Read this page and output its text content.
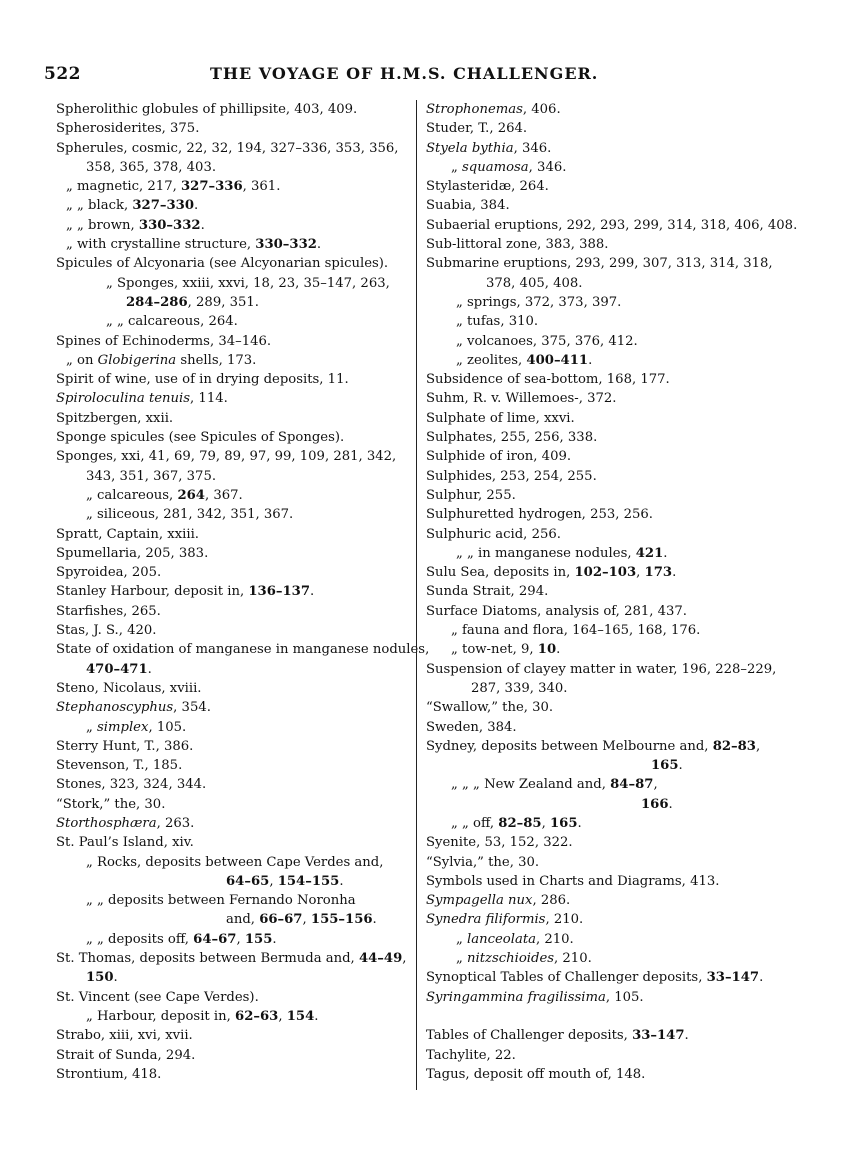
522	THE VOYAGE OF H.M.S. CHALLENGER.
Spherolithic globules of phillipsite, 403, 409.
Spherosiderites, 375.
Spherules, cosmic, 22, 32, 194, 327–336, 353, 356,
358, 365, 378, 403.
„ magnetic, 217, 327–336, 361.
„ „ black, 327–330.
„ „ brown, 330–332.
„ with crystalline structure, 330–332.
Spicules of Alcyonaria (see Alcyonarian spicules).
„ Sponges, xxiii, xxvi, 18, 23, 35–147, 263,
284–286, 289, 351.
„ „ calcareous, 264.
Spines of Echinoderms, 34–146.
„ on Globigerina shells, 173.
Spirit of wine, use of in drying deposits, 11.
Spiroloculina tenuis, 114.
Spitzbergen, xxii.
Sponge spicules (see Spicules of Sponges).
Sponges, xxi, 41, 69, 79, 89, 97, 99, 109, 281, 342,
343, 351, 367, 375.
„ calcareous, 264, 367.
„ siliceous, 281, 342, 351, 367.
Spratt, Captain, xxiii.
Spumellaria, 205, 383.
Spyroidea, 205.
Stanley Harbour, deposit in, 136–137.
Starfishes, 265.
Stas, J. S., 420.
State of oxidation of manganese in manganese nodules,
470–471.
Steno, Nicolaus, xviii.
Stephanoscyphus, 354.
„ simplex, 105.
Sterry Hunt, T., 386.
Stevenson, T., 185.
Stones, 323, 324, 344.
“Stork,” the, 30.
Storthosphæra, 263.
St. Paul’s Island, xiv.
„ Rocks, deposits between Cape Verdes and,
64–65, 154–155.
„ „ deposits between Fernando Noronha
and, 66–67, 155–156.
„ „ deposits off, 64–67, 155.
St. Thomas, deposits between Bermuda and, 44–49,
150.
St. Vincent (see Cape Verdes).
„ Harbour, deposit in, 62–63, 154.
Strabo, xiii, xvi, xvii.
Strait of Sunda, 294.
Strontium, 418.
Strophonemas, 406.
Studer, T., 264.
Styela bythia, 346.
„ squamosa, 346.
Stylasteridæ, 264.
Suabia, 384.
Subaerial eruptions, 292, 293, 299, 314, 318, 406, 408.
Sub-littoral zone, 383, 388.
Submarine eruptions, 293, 299, 307, 313, 314, 318,
378, 405, 408.
„ springs, 372, 373, 397.
„ tufas, 310.
„ volcanoes, 375, 376, 412.
„ zeolites, 400–411.
Subsidence of sea-bottom, 168, 177.
Suhm, R. v. Willemoes-, 372.
Sulphate of lime, xxvi.
Sulphates, 255, 256, 338.
Sulphide of iron, 409.
Sulphides, 253, 254, 255.
Sulphur, 255.
Sulphuretted hydrogen, 253, 256.
Sulphuric acid, 256.
„ „ in manganese nodules, 421.
Sulu Sea, deposits in, 102–103, 173.
Sunda Strait, 294.
Surface Diatoms, analysis of, 281, 437.
„ fauna and flora, 164–165, 168, 176.
„ tow-net, 9, 10.
Suspension of clayey matter in water, 196, 228–229,
287, 339, 340.
“Swallow,” the, 30.
Sweden, 384.
Sydney, deposits between Melbourne and, 82–83,
165.
„ „ „ New Zealand and, 84–87,
166.
„ „ off, 82–85, 165.
Syenite, 53, 152, 322.
“Sylvia,” the, 30.
Symbols used in Charts and Diagrams, 413.
Sympagella nux, 286.
Synedra filiformis, 210.
„ lanceolata, 210.
„ nitzschioides, 210.
Synoptical Tables of Challenger deposits, 33–147.
Syringammina fragilissima, 105.
Tables of Challenger deposits, 33–147.
Tachylite, 22.
Tagus, deposit off mouth of, 148.
